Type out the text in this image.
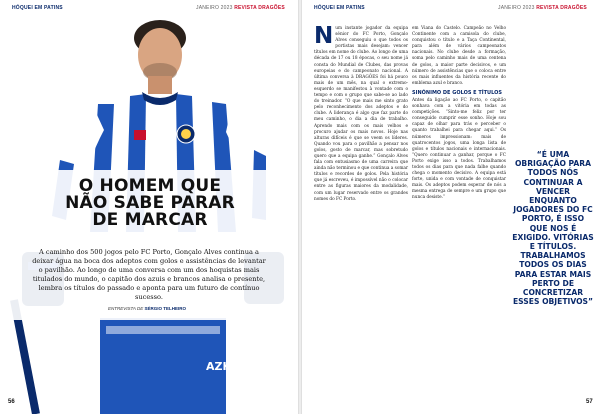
HÓQUEI EM PATINS	JANEIRO 2023 REVISTA DRAGÕES
AZK
O HOMEM QUE
NÃO SABE PARAR
DE MARCAR
A caminho dos 500 jogos pelo FC Porto, Gonçalo Alves continua a deixar água na boca dos adeptos com golos e assistências de levantar o pavilhão. Ao longo de uma conversa com um dos hoquistas mais titulados do mundo, o capitão dos azuis e brancos analisa o presente, lembra os títulos do passado e aponta para um futuro de contínuo sucesso.
ENTREVISTA DE SÉRGIO TELHEIRO
56
HÓQUEI EM PATINS	JANEIRO 2023 REVISTA DRAGÕES
N um instante jogador da equipa sénior do FC Porto, Gonçalo Alves conseguiu o que todos os portistas mais desejam: vencer títulos em nome do clube. Ao longo de uma década de 17 ou 18 épocas, o seu nome já consta do Mundial de Clubes, das provas europeias e do campeonato nacional. A última conversa à DRAGÕES foi há pouco mais de um mês, na qual o extremo-esquerdo se manifestou à vontade com o tempo e com o grupo que sabe-se ao lado do treinador. “O que mais me sinto grato pelo reconhecimento dos adeptos e do clube. A liderança é algo que faz parte do meu caminho, o dia a dia de trabalho. Aprendo mais com os mais velhos e procuro ajudar os mais novos. Hoje nas alturas difíceis é que se veem os líderes. Quando vou para o pavilhão a pensar nos golos, gosto de marcar, mas sobretudo quero que a equipa ganhe.” Gonçalo Alves fala com entusiasmo de uma carreira que ainda não terminou e que continua a somar títulos e recordes de golos. Pela história que já escreveu, é impossível não o colocar entre as figuras maiores da modalidade, com um lugar reservado entre os grandes nomes do FC Porto.

em Viana do Castelo. Campeão no Velho Continente com a camisola do clube, conquistou o título e a Taça Continental, para além de vários campeonatos nacionais. No clube desde a formação, soma pelo caminho mais de uma centena de golos, a maior parte decisivos, e um número de assistências que o coloca entre os mais influentes da história recente do emblema azul e branco.

SINÓNIMO DE GOLOS E TÍTULOS

Antes da ligação ao FC Porto, o capitão sonhava com a vitória em todas as competições. “Sinto-me feliz por ter conseguido cumprir esse sonho. Hoje sou capaz de olhar para trás e perceber o quanto trabalhei para chegar aqui.” Os números impressionam: mais de quatrocentos jogos, uma longa lista de golos e títulos nacionais e internacionais. “Quero continuar a ganhar, porque o FC Porto exige isso a todos. Trabalhamos todos os dias para que nada falhe quando chega o momento decisivo. A equipa está forte, unida e com vontade de conquistar mais. Os adeptos podem esperar de nós a mesma entrega de sempre e um grupo que nunca desiste.”

“É UMA OBRIGAÇÃO PARA TODOS NÓS CONTINUAR A VENCER ENQUANTO JOGADORES DO FC PORTO, É ISSO QUE NOS É EXIGIDO. VITÓRIAS E TÍTULOS. TRABALHAMOS TODOS OS DIAS PARA ESTAR MAIS PERTO DE CONCRETIZAR ESSES OBJETIVOS”
57
